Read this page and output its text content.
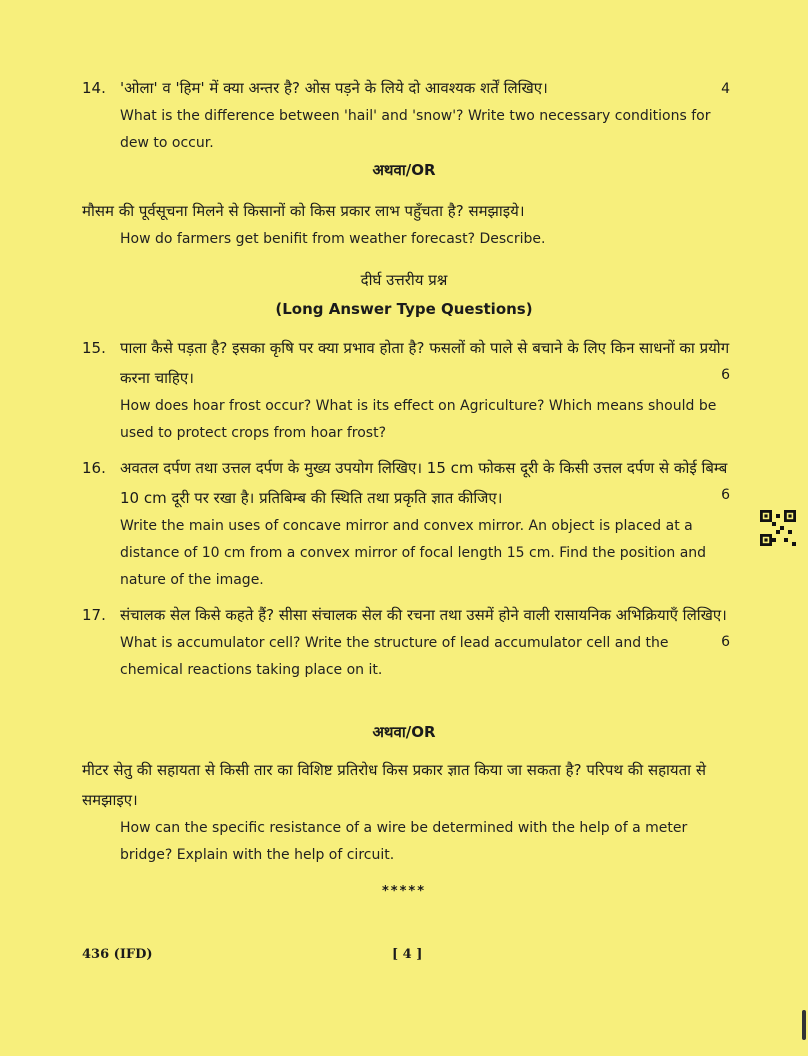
14. 'ओला' व 'हिम' में क्या अन्तर है? ओस पड़ने के लिये दो आवश्यक शर्तें लिखिए।	4
What is the difference between 'hail' and 'snow'? Write two necessary conditions for dew to occur.
अथवा/OR
मौसम की पूर्वसूचना मिलने से किसानों को किस प्रकार लाभ पहुँचता है? समझाइये।
How do farmers get benifit from weather forecast? Describe.
दीर्घ उत्तरीय प्रश्न
(Long Answer Type Questions)
15. पाला कैसे पड़ता है? इसका कृषि पर क्या प्रभाव होता है? फसलों को पाले से बचाने के लिए किन साधनों का प्रयोग करना चाहिए।	6
How does hoar frost occur? What is its effect on Agriculture? Which means should be used to protect crops from hoar frost?
16. अवतल दर्पण तथा उत्तल दर्पण के मुख्य उपयोग लिखिए। 15 cm फोकस दूरी के किसी उत्तल दर्पण से कोई बिम्ब 10 cm दूरी पर रखा है। प्रतिबिम्ब की स्थिति तथा प्रकृति ज्ञात कीजिए।	6
Write the main uses of concave mirror and convex mirror. An object is placed at a distance of 10 cm from a convex mirror of focal length 15 cm. Find the position and nature of the image.
17. संचालक सेल किसे कहते हैं? सीसा संचालक सेल की रचना तथा उसमें होने वाली रासायनिक अभिक्रियाएँ लिखिए।
6
What is accumulator cell? Write the structure of lead accumulator cell and the chemical reactions taking place on it.
अथवा/OR
मीटर सेतु की सहायता से किसी तार का विशिष्ट प्रतिरोध किस प्रकार ज्ञात किया जा सकता है? परिपथ की सहायता से समझाइए।
How can the specific resistance of a wire be determined with the help of a meter bridge? Explain with the help of circuit.
*****
436 (IFD)	[ 4 ]
